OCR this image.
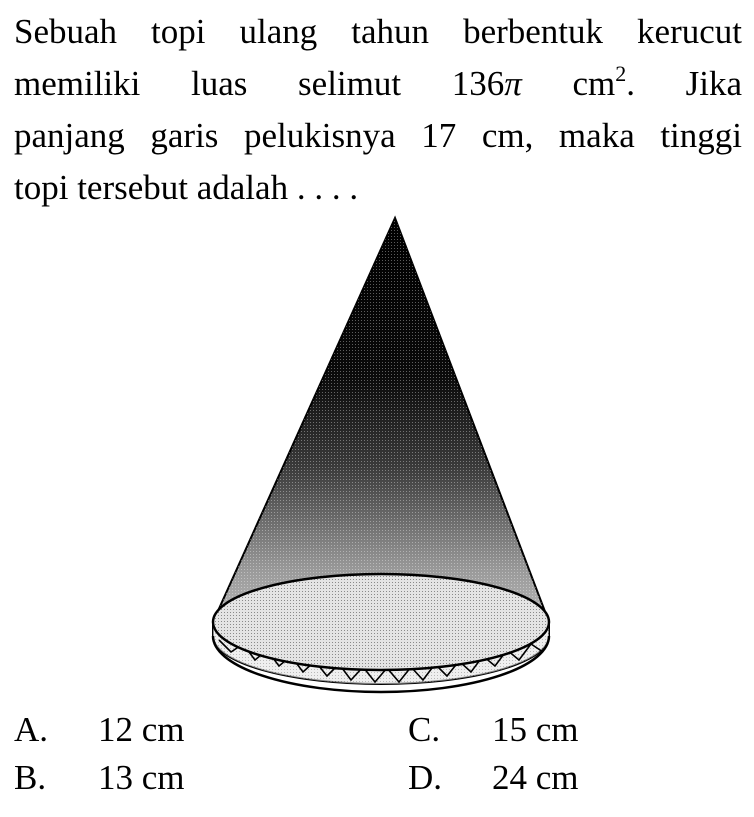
Sebuah topi ulang tahun berbentuk kerucut
memiliki luas selimut 136π $cm^2$. Jika
panjang garis pelukisnya 17 cm, maka tinggi
topi tersebut adalah . . . .
A. 12 cm
B. 13 cm
C. 15 cm
D. 24 cm
